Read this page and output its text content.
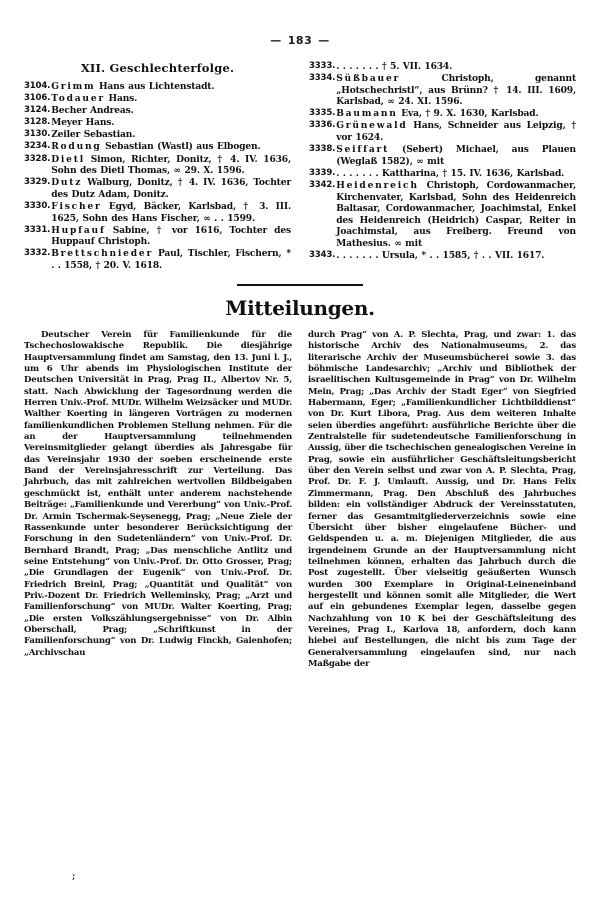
— 183 —
XII. Geschlechterfolge.
3104. Grimm Hans aus Lichtenstadt.
3106. Todauer Hans.
3124. Becher Andreas.
3128. Meyer Hans.
3130. Zeiler Sebastian.
3234. Rodung Sebastian (Wastl) aus Elbogen.
3328. Dietl Simon, Richter, Donitz, † 4. IV. 1636, Sohn des Dietl Thomas, ∞ 29. X. 1596.
3329. Dutz Walburg, Donitz, † 4. IV. 1636, Tochter des Dutz Adam, Donitz.
3330. Fischer Egyd, Bäcker, Karlsbad, † 3. III. 1625, Sohn des Hans Fischer, ∞ . . 1599.
3331. Hupfauf Sabine, † vor 1616, Tochter des Huppauf Christoph.
3332. Brettschnieder Paul, Tischler, Fischern, * . . 1558, † 20. V. 1618.
3333. . . . . . . . † 5. VII. 1634.
3334. Süßbauer Christoph, genannt „Hotschechristl“, aus Brünn? † 14. III. 1609, Karlsbad, ∞ 24. XI. 1596.
3335. Baumann Eva, † 9. X. 1630, Karlsbad.
3336. Grünewald Hans, Schneider aus Leipzig, † vor 1624.
3338. Seiffart (Sebert) Michael, aus Plauen (Weglaß 1582), ∞ mit
3339. . . . . . . . Kattharina, † 15. IV. 1636, Karlsbad.
3342. Heidenreich Christoph, Cordowanmacher, Kirchenvater, Karlsbad, Sohn des Heidenreich Baltasar, Cordowanmacher, Joachimstal, Enkel des Heidenreich (Heidrich) Caspar, Reiter in Joachimstal, aus Freiberg. Freund von Mathesius. ∞ mit
3343. . . . . . . . Ursula, * . . 1585, † . . VII. 1617.
Mitteilungen.

Deutscher Verein für Familienkunde für die Tschechoslowakische Republik. Die diesjährige Hauptversammlung findet am Samstag, den 13. Juni l. J., um 6 Uhr abends im Physiologischen Institute der Deutschen Universität in Prag, Prag II., Albertov Nr. 5, statt. Nach Abwicklung der Tagesordnung werden die Herren Univ.-Prof. MUDr. Wilhelm Weizsäcker und MUDr. Walther Koerting in längeren Vorträgen zu modernen familienkundlichen Problemen Stellung nehmen. Für die an der Hauptversammlung teilnehmenden Vereinsmitglieder gelangt überdies als Jahresgabe für das Vereinsjahr 1930 der soeben erscheinende erste Band der Vereinsjahresschrift zur Verteilung. Das Jahrbuch, das mit zahlreichen wertvollen Bildbeigaben geschmückt ist, enthält unter anderem nachstehende Beiträge: „Familienkunde und Vererbung“ von Univ.-Prof. Dr. Armin Tschermak-Seysenegg, Prag; „Neue Ziele der Rassenkunde unter besonderer Berücksichtigung der Forschung in den Sudetenländern“ von Univ.-Prof. Dr. Bernhard Brandt, Prag; „Das menschliche Antlitz und seine Entstehung“ von Univ.-Prof. Dr. Otto Grosser, Prag; „Die Grundlagen der Eugenik“ von Univ.-Prof. Dr. Friedrich Breinl, Prag; „Quantität und Qualität“ von Priv.-Dozent Dr. Friedrich Welleminsky, Prag; „Arzt und Familienforschung“ von MUDr. Walter Koerting, Prag; „Die ersten Volkszählungsergebnisse“ von Dr. Albin Oberschall, Prag; „Schriftkunst in der Familienforschung“ von Dr. Ludwig Finckh, Gaienhofen; „Archivschau

durch Prag“ von A. P. Slechta, Prag, und zwar: 1. das historische Archiv des Nationalmuseums, 2. das literarische Archiv der Museumsbücherei sowie 3. das böhmische Landesarchiv; „Archiv und Bibliothek der israelitischen Kultusgemeinde in Prag“ von Dr. Wilhelm Mein, Prag; „Das Archiv der Stadt Eger“ von Siegfried Habermann, Eger; „Familienkundlicher Lichtbilddienst“ von Dr. Kurt Libora, Prag. Aus dem weiteren Inhalte seien überdies angeführt: ausführliche Berichte über die Zentralstelle für sudetendeutsche Familienforschung in Aussig, über die tschechischen genealogischen Vereine in Prag, sowie ein ausführlicher Geschäftsleitungsbericht über den Verein selbst und zwar von A. P. Slechta, Prag, Prof. Dr. F. J. Umlauft. Aussig, und Dr. Hans Felix Zimmermann, Prag. Den Abschluß des Jahrbuches bilden: ein vollständiger Abdruck der Vereinsstatuten, ferner das Gesamtmitgliederverzeichnis sowie eine Übersicht über bisher eingelaufene Bücher- und Geldspenden u. a. m. Diejenigen Mitglieder, die aus irgendeinem Grunde an der Hauptversammlung nicht teilnehmen können, erhalten das Jahrbuch durch die Post zugestellt. Über vielseitig geäußerten Wunsch wurden 300 Exemplare in Original-Leineneinband hergestellt und können somit alle Mitglieder, die Wert auf ein gebundenes Exemplar legen, dasselbe gegen Nachzahlung von 10 K bei der Geschäftsleitung des Vereines, Prag I., Karlova 18, anfordern, doch kann hiebei auf Bestellungen, die nicht bis zum Tage der Generalversammlung eingelaufen sind, nur nach Maßgabe der

;
